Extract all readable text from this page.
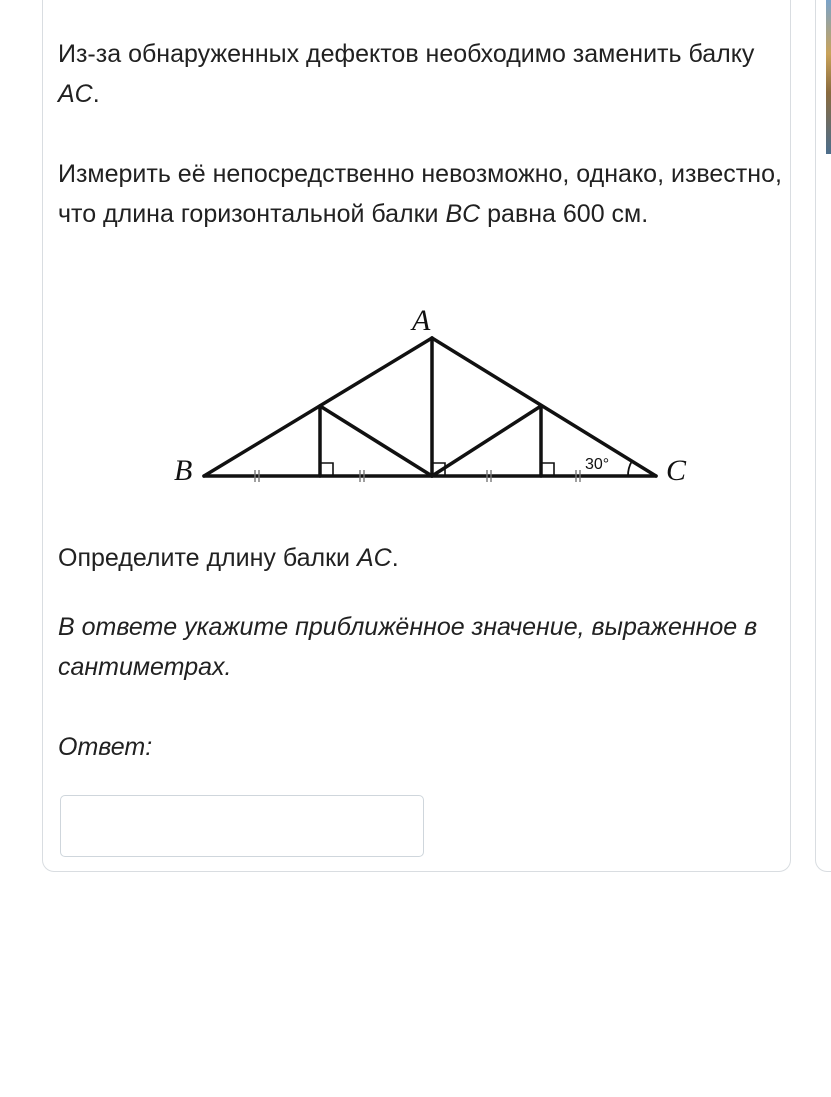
Из-за обнаруженных дефектов необходимо заменить балку AC.

Измерить её непосредственно невозможно, однако, известно, что длина горизонтальной балки BC равна 600 см.

A
B	C
30°

Определите длину балки AC.

В ответе укажите приближённое значение, выраженное в сантиметрах.

Ответ:
